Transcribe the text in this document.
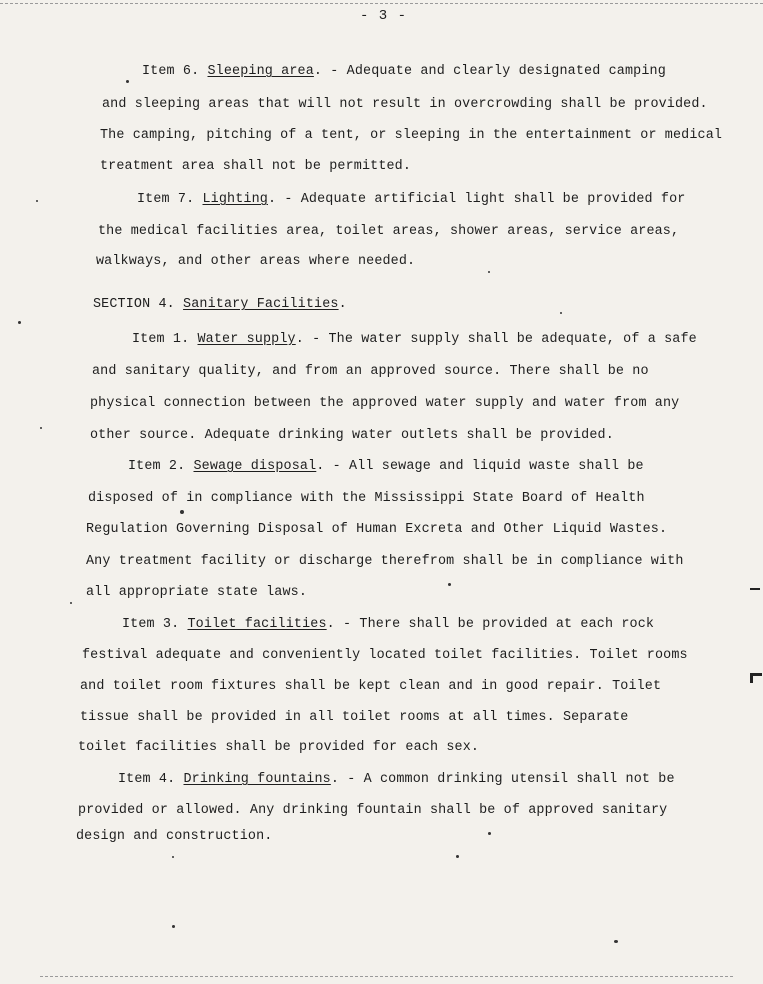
- 3 -
Item 6. Sleeping area. - Adequate and clearly designated camping
and sleeping areas that will not result in overcrowding shall be provided.
The camping, pitching of a tent, or sleeping in the entertainment or medical
treatment area shall not be permitted.
Item 7. Lighting. - Adequate artificial light shall be provided for
the medical facilities area, toilet areas, shower areas, service areas,
walkways, and other areas where needed.
SECTION 4. Sanitary Facilities.
Item 1. Water supply. - The water supply shall be adequate, of a safe
and sanitary quality, and from an approved source. There shall be no
physical connection between the approved water supply and water from any
other source. Adequate drinking water outlets shall be provided.
Item 2. Sewage disposal. - All sewage and liquid waste shall be
disposed of in compliance with the Mississippi State Board of Health
Regulation Governing Disposal of Human Excreta and Other Liquid Wastes.
Any treatment facility or discharge therefrom shall be in compliance with
all appropriate state laws.
Item 3. Toilet facilities. - There shall be provided at each rock
festival adequate and conveniently located toilet facilities. Toilet rooms
and toilet room fixtures shall be kept clean and in good repair. Toilet
tissue shall be provided in all toilet rooms at all times. Separate
toilet facilities shall be provided for each sex.
Item 4. Drinking fountains. - A common drinking utensil shall not be
provided or allowed. Any drinking fountain shall be of approved sanitary
design and construction.
